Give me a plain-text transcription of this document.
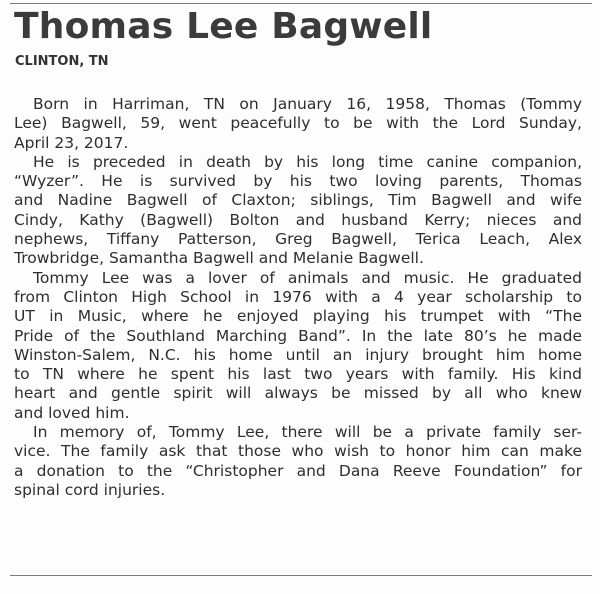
Thomas Lee Bagwell
CLINTON, TN
Born in Harriman, TN on January 16, 1958, Thomas (Tommy
Lee) Bagwell, 59, went peacefully to be with the Lord Sunday,
April 23, 2017.
He is preceded in death by his long time canine companion,
“Wyzer”. He is survived by his two loving parents, Thomas
and Nadine Bagwell of Claxton; siblings, Tim Bagwell and wife
Cindy, Kathy (Bagwell) Bolton and husband Kerry; nieces and
nephews, Tiffany Patterson, Greg Bagwell, Terica Leach, Alex
Trowbridge, Samantha Bagwell and Melanie Bagwell.
Tommy Lee was a lover of animals and music. He graduated
from Clinton High School in 1976 with a 4 year scholarship to
UT in Music, where he enjoyed playing his trumpet with “The
Pride of the Southland Marching Band”. In the late 80’s he made
Winston-Salem, N.C. his home until an injury brought him home
to TN where he spent his last two years with family. His kind
heart and gentle spirit will always be missed by all who knew
and loved him.
In memory of, Tommy Lee, there will be a private family ser-
vice. The family ask that those who wish to honor him can make
a donation to the “Christopher and Dana Reeve Foundation” for
spinal cord injuries.
